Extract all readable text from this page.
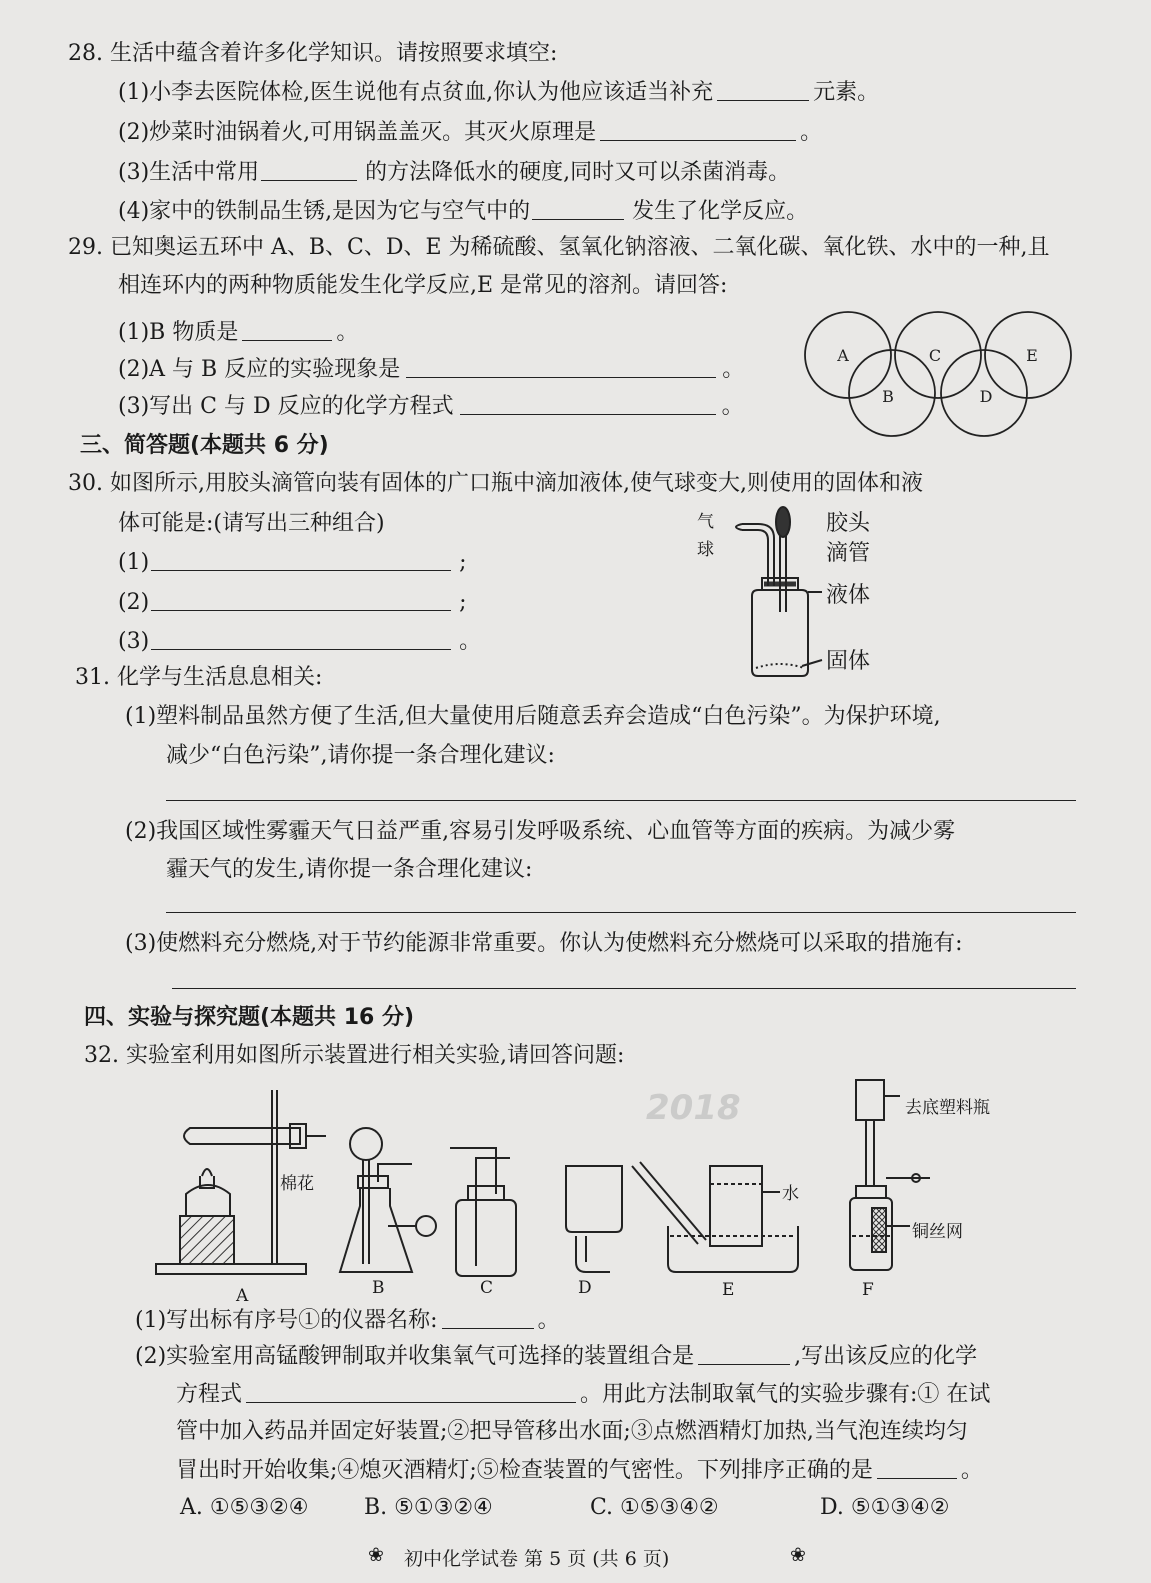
28. 生活中蕴含着许多化学知识。请按照要求填空:
(1)小李去医院体检,医生说他有点贫血,你认为他应该适当补充	元素。
(2)炒菜时油锅着火,可用锅盖盖灭。其灭火原理是	。
(3)生活中常用	的方法降低水的硬度,同时又可以杀菌消毒。
(4)家中的铁制品生锈,是因为它与空气中的	发生了化学反应。
29. 已知奥运五环中 A、B、C、D、E 为稀硫酸、氢氧化钠溶液、二氧化碳、氧化铁、水中的一种,且
相连环内的两种物质能发生化学反应,E 是常见的溶剂。请回答:
(1)B 物质是	。
(2)A 与 B 反应的实验现象是	。
(3)写出 C 与 D 反应的化学方程式	。
A
B
C
D
E
三、简答题(本题共 6 分)
30. 如图所示,用胶头滴管向装有固体的广口瓶中滴加液体,使气球变大,则使用的固体和液
体可能是:(请写出三种组合)
(1)	;
(2)	;
(3)	。
气
球
胶头
滴管
液体
固体
31. 化学与生活息息相关:
(1)塑料制品虽然方便了生活,但大量使用后随意丢弃会造成“白色污染”。为保护环境,
减少“白色污染”,请你提一条合理化建议:
(2)我国区域性雾霾天气日益严重,容易引发呼吸系统、心血管等方面的疾病。为减少雾
霾天气的发生,请你提一条合理化建议:
(3)使燃料充分燃烧,对于节约能源非常重要。你认为使燃料充分燃烧可以采取的措施有:
四、实验与探究题(本题共 16 分)
32. 实验室利用如图所示装置进行相关实验,请回答问题:
棉花	水
去底塑料瓶
铜丝网
A	B	C	D	E	F
(1)写出标有序号①的仪器名称:	。
(2)实验室用高锰酸钾制取并收集氧气可选择的装置组合是	,写出该反应的化学
方程式	。用此方法制取氧气的实验步骤有:① 在试
管中加入药品并固定好装置;②把导管移出水面;③点燃酒精灯加热,当气泡连续均匀
冒出时开始收集;④熄灭酒精灯;⑤检查装置的气密性。下列排序正确的是	。
A. ①⑤③②④	B. ⑤①③②④	C. ①⑤③④②	D. ⑤①③④②
❀ 初中化学试卷 第 5 页 (共 6 页)	❀
2018
